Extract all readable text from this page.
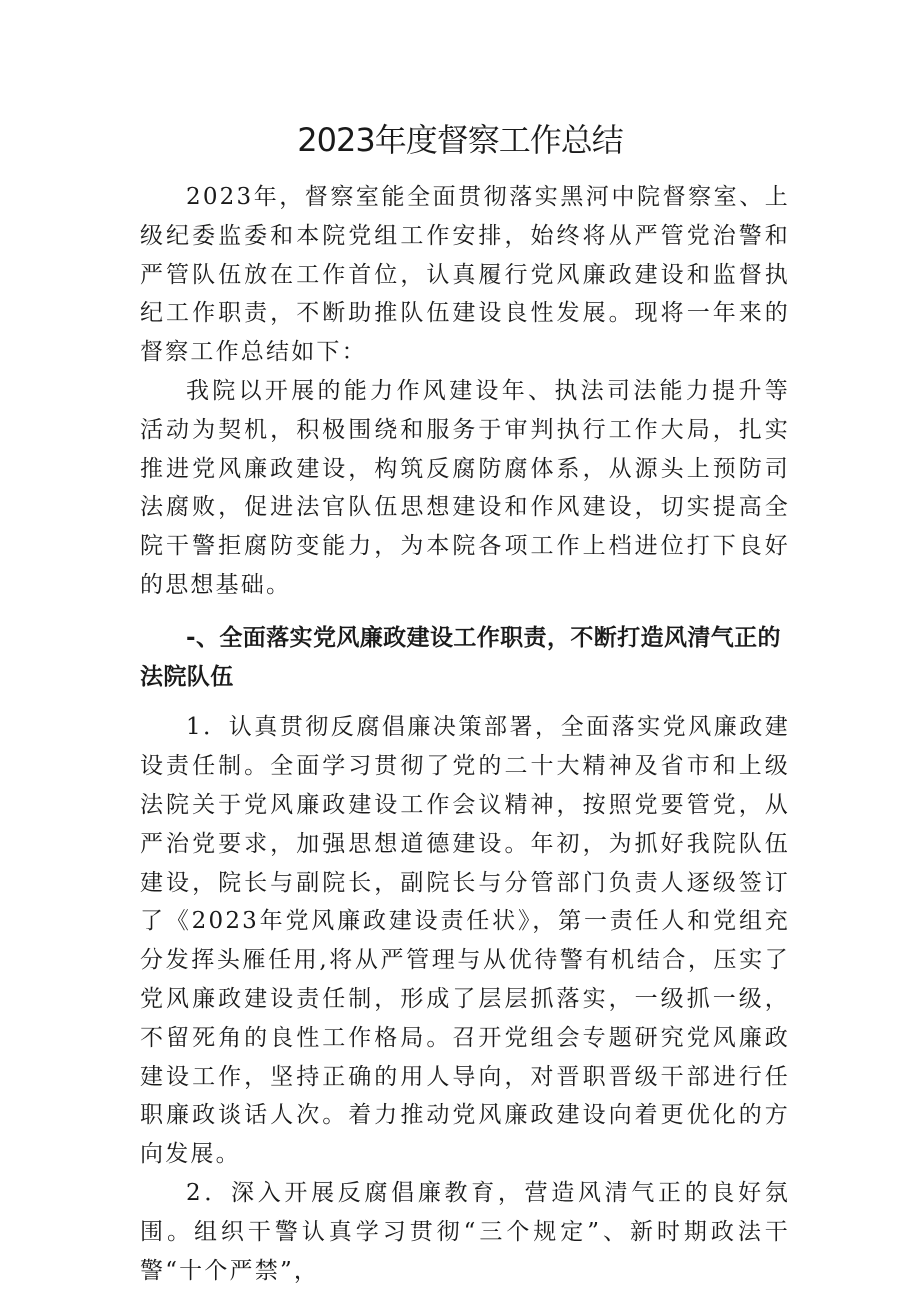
2023年度督察工作总结

2023年，督察室能全面贯彻落实黑河中院督察室、上级纪委监委和本院党组工作安排，始终将从严管党治警和严管队伍放在工作首位，认真履行党风廉政建设和监督执纪工作职责，不断助推队伍建设良性发展。现将一年来的督察工作总结如下：

我院以开展的能力作风建设年、执法司法能力提升等活动为契机，积极围绕和服务于审判执行工作大局，扎实推进党风廉政建设，构筑反腐防腐体系，从源头上预防司法腐败，促进法官队伍思想建设和作风建设，切实提高全院干警拒腐防变能力，为本院各项工作上档进位打下良好的思想基础。

-、全面落实党风廉政建设工作职责，不断打造风清气正的法院队伍

1．认真贯彻反腐倡廉决策部署，全面落实党风廉政建设责任制。全面学习贯彻了党的二十大精神及省市和上级法院关于党风廉政建设工作会议精神，按照党要管党，从严治党要求，加强思想道德建设。年初，为抓好我院队伍建设，院长与副院长，副院长与分管部门负责人逐级签订了《2023年党风廉政建设责任状》，第一责任人和党组充分发挥头雁任用,将从严管理与从优待警有机结合，压实了党风廉政建设责任制，形成了层层抓落实，一级抓一级，不留死角的良性工作格局。召开党组会专题研究党风廉政建设工作，坚持正确的用人导向，对晋职晋级干部进行任职廉政谈话人次。着力推动党风廉政建设向着更优化的方向发展。

2．深入开展反腐倡廉教育，营造风清气正的良好氛围。组织干警认真学习贯彻“三个规定”、新时期政法干警“十个严禁”，
